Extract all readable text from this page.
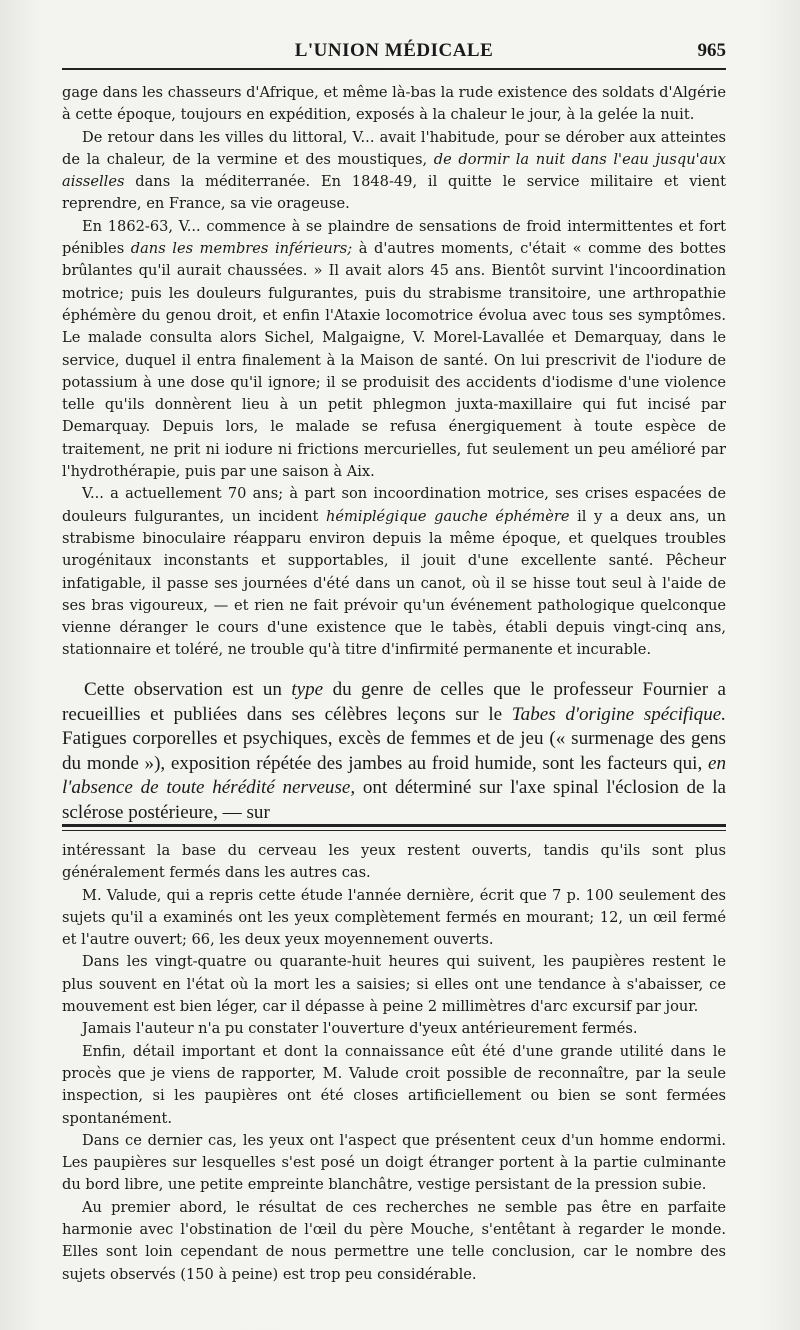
L'UNION MÉDICALE	965

gage dans les chasseurs d'Afrique, et même là-bas la rude existence des soldats d'Algérie à cette époque, toujours en expédition, exposés à la chaleur le jour, à la gelée la nuit.

De retour dans les villes du littoral, V... avait l'habitude, pour se dérober aux atteintes de la chaleur, de la vermine et des moustiques, de dormir la nuit dans l'eau jusqu'aux aisselles dans la méditerranée. En 1848-49, il quitte le service militaire et vient reprendre, en France, sa vie orageuse.

En 1862-63, V... commence à se plaindre de sensations de froid intermittentes et fort pénibles dans les membres inférieurs; à d'autres moments, c'était « comme des bottes brûlantes qu'il aurait chaussées. » Il avait alors 45 ans. Bientôt survint l'incoordination motrice; puis les douleurs fulgurantes, puis du strabisme transitoire, une arthropathie éphémère du genou droit, et enfin l'Ataxie locomotrice évolua avec tous ses symptômes. Le malade consulta alors Sichel, Malgaigne, V. Morel-Lavallée et Demarquay, dans le service, duquel il entra finalement à la Maison de santé. On lui prescrivit de l'iodure de potassium à une dose qu'il ignore; il se produisit des accidents d'iodisme d'une violence telle qu'ils donnèrent lieu à un petit phlegmon juxta-maxillaire qui fut incisé par Demarquay. Depuis lors, le malade se refusa énergiquement à toute espèce de traitement, ne prit ni iodure ni frictions mercurielles, fut seulement un peu amélioré par l'hydrothérapie, puis par une saison à Aix.

V... a actuellement 70 ans; à part son incoordination motrice, ses crises espacées de douleurs fulgurantes, un incident hémiplégique gauche éphémère il y a deux ans, un strabisme binoculaire réapparu environ depuis la même époque, et quelques troubles urogénitaux inconstants et supportables, il jouit d'une excellente santé. Pêcheur infatigable, il passe ses journées d'été dans un canot, où il se hisse tout seul à l'aide de ses bras vigoureux, — et rien ne fait prévoir qu'un événement pathologique quelconque vienne déranger le cours d'une existence que le tabès, établi depuis vingt-cinq ans, stationnaire et toléré, ne trouble qu'à titre d'infirmité permanente et incurable.

Cette observation est un type du genre de celles que le professeur Fournier a recueillies et publiées dans ses célèbres leçons sur le Tabes d'origine spécifique. Fatigues corporelles et psychiques, excès de femmes et de jeu (« surmenage des gens du monde »), exposition répétée des jambes au froid humide, sont les facteurs qui, en l'absence de toute hérédité nerveuse, ont déterminé sur l'axe spinal l'éclosion de la sclérose postérieure, — sur

intéressant la base du cerveau les yeux restent ouverts, tandis qu'ils sont plus généralement fermés dans les autres cas.

M. Valude, qui a repris cette étude l'année dernière, écrit que 7 p. 100 seulement des sujets qu'il a examinés ont les yeux complètement fermés en mourant; 12, un œil fermé et l'autre ouvert; 66, les deux yeux moyennement ouverts.

Dans les vingt-quatre ou quarante-huit heures qui suivent, les paupières restent le plus souvent en l'état où la mort les a saisies; si elles ont une tendance à s'abaisser, ce mouvement est bien léger, car il dépasse à peine 2 millimètres d'arc excursif par jour.

Jamais l'auteur n'a pu constater l'ouverture d'yeux antérieurement fermés.

Enfin, détail important et dont la connaissance eût été d'une grande utilité dans le procès que je viens de rapporter, M. Valude croit possible de reconnaître, par la seule inspection, si les paupières ont été closes artificiellement ou bien se sont fermées spontanément.

Dans ce dernier cas, les yeux ont l'aspect que présentent ceux d'un homme endormi. Les paupières sur lesquelles s'est posé un doigt étranger portent à la partie culminante du bord libre, une petite empreinte blanchâtre, vestige persistant de la pression subie.

Au premier abord, le résultat de ces recherches ne semble pas être en parfaite harmonie avec l'obstination de l'œil du père Mouche, s'entêtant à regarder le monde. Elles sont loin cependant de nous permettre une telle conclusion, car le nombre des sujets observés (150 à peine) est trop peu considérable.
